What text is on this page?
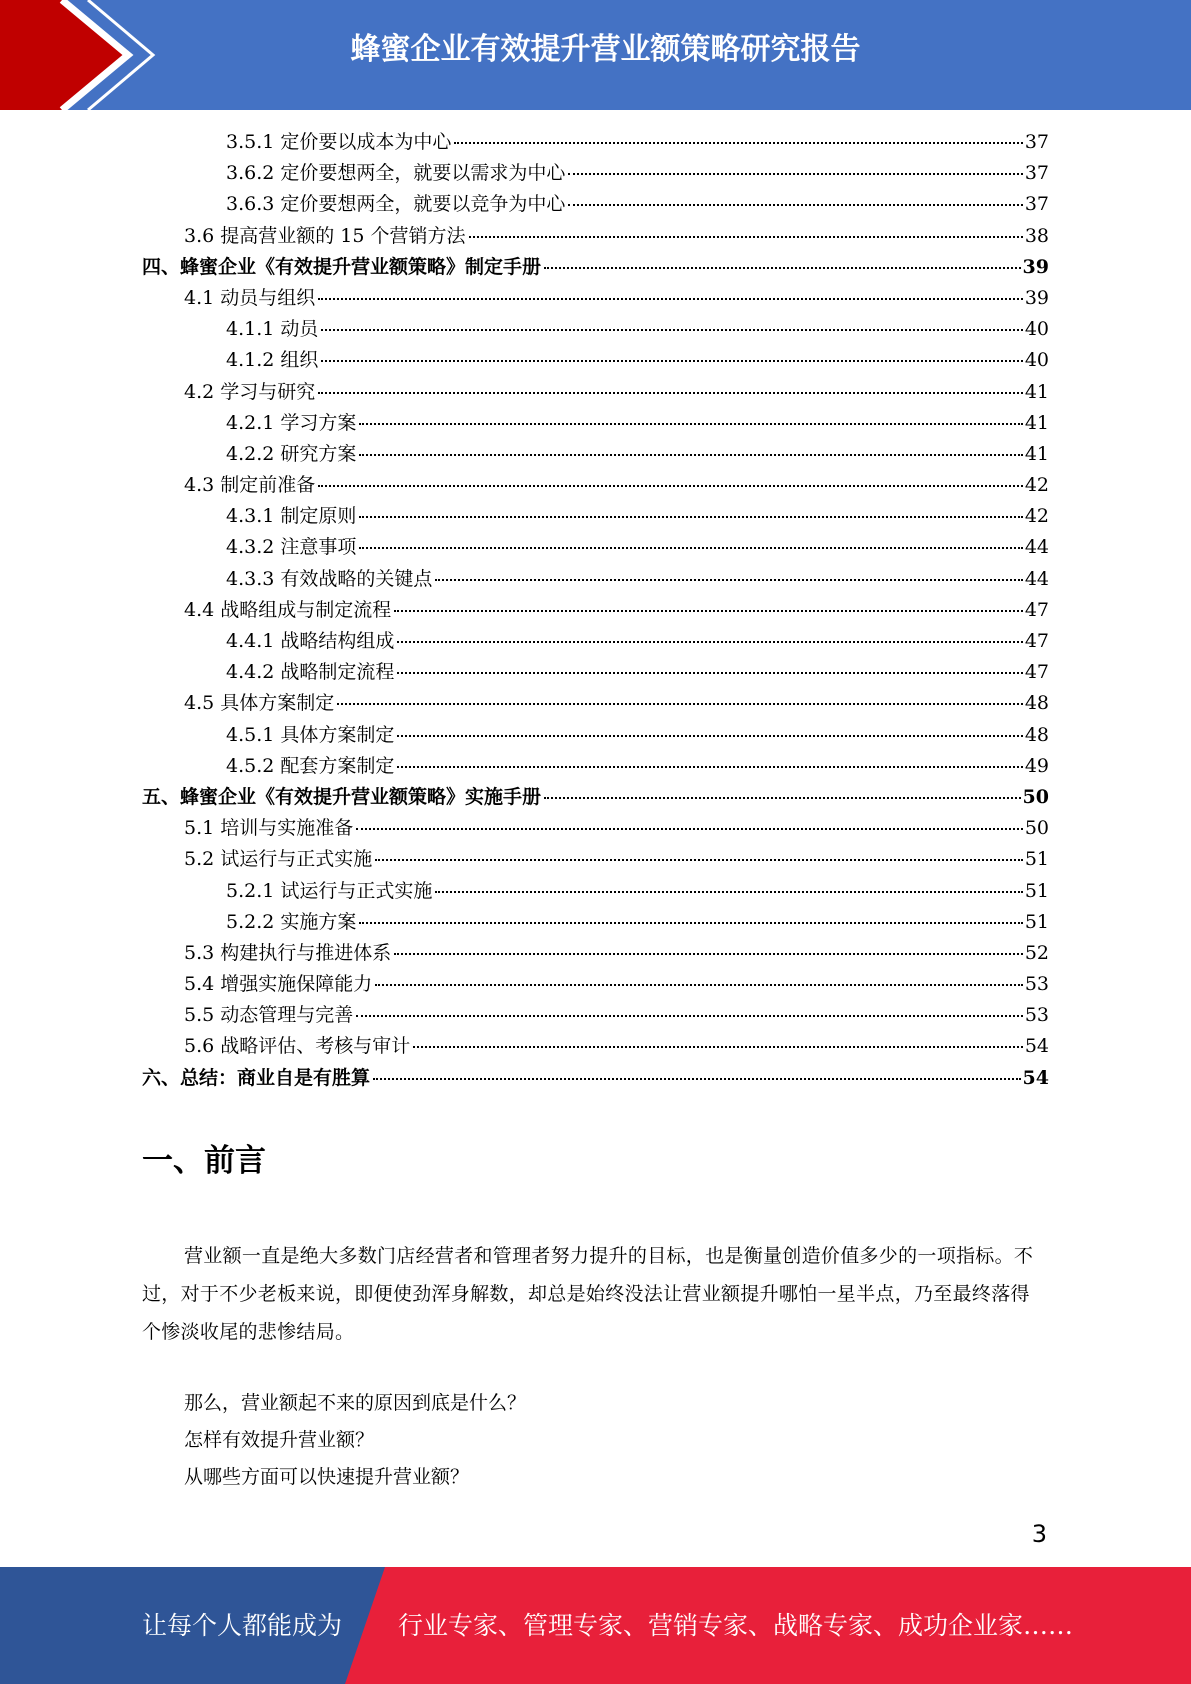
蜂蜜企业有效提升营业额策略研究报告
3.5.1 定价要以成本为中心	37
3.6.2 定价要想两全，就要以需求为中心	37
3.6.3 定价要想两全，就要以竞争为中心	37
3.6 提高营业额的 15 个营销方法	38
四、蜂蜜企业《有效提升营业额策略》制定手册	39
4.1 动员与组织	39
4.1.1 动员	40
4.1.2 组织	40
4.2 学习与研究	41
4.2.1 学习方案	41
4.2.2 研究方案	41
4.3 制定前准备	42
4.3.1 制定原则	42
4.3.2 注意事项	44
4.3.3 有效战略的关键点	44
4.4 战略组成与制定流程	47
4.4.1 战略结构组成	47
4.4.2 战略制定流程	47
4.5 具体方案制定	48
4.5.1 具体方案制定	48
4.5.2 配套方案制定	49
五、蜂蜜企业《有效提升营业额策略》实施手册	50
5.1 培训与实施准备	50
5.2 试运行与正式实施	51
5.2.1 试运行与正式实施	51
5.2.2 实施方案	51
5.3 构建执行与推进体系	52
5.4 增强实施保障能力	53
5.5 动态管理与完善	53
5.6 战略评估、考核与审计	54
六、总结：商业自是有胜算	54
一、前言
营业额一直是绝大多数门店经营者和管理者努力提升的目标，也是衡量创造价值多少的一项指标。不过，对于不少老板来说，即便使劲浑身解数，却总是始终没法让营业额提升哪怕一星半点，乃至最终落得个惨淡收尾的悲惨结局。
那么，营业额起不来的原因到底是什么？
怎样有效提升营业额？
从哪些方面可以快速提升营业额？
3
让每个人都能成为 行业专家、管理专家、营销专家、战略专家、成功企业家……
